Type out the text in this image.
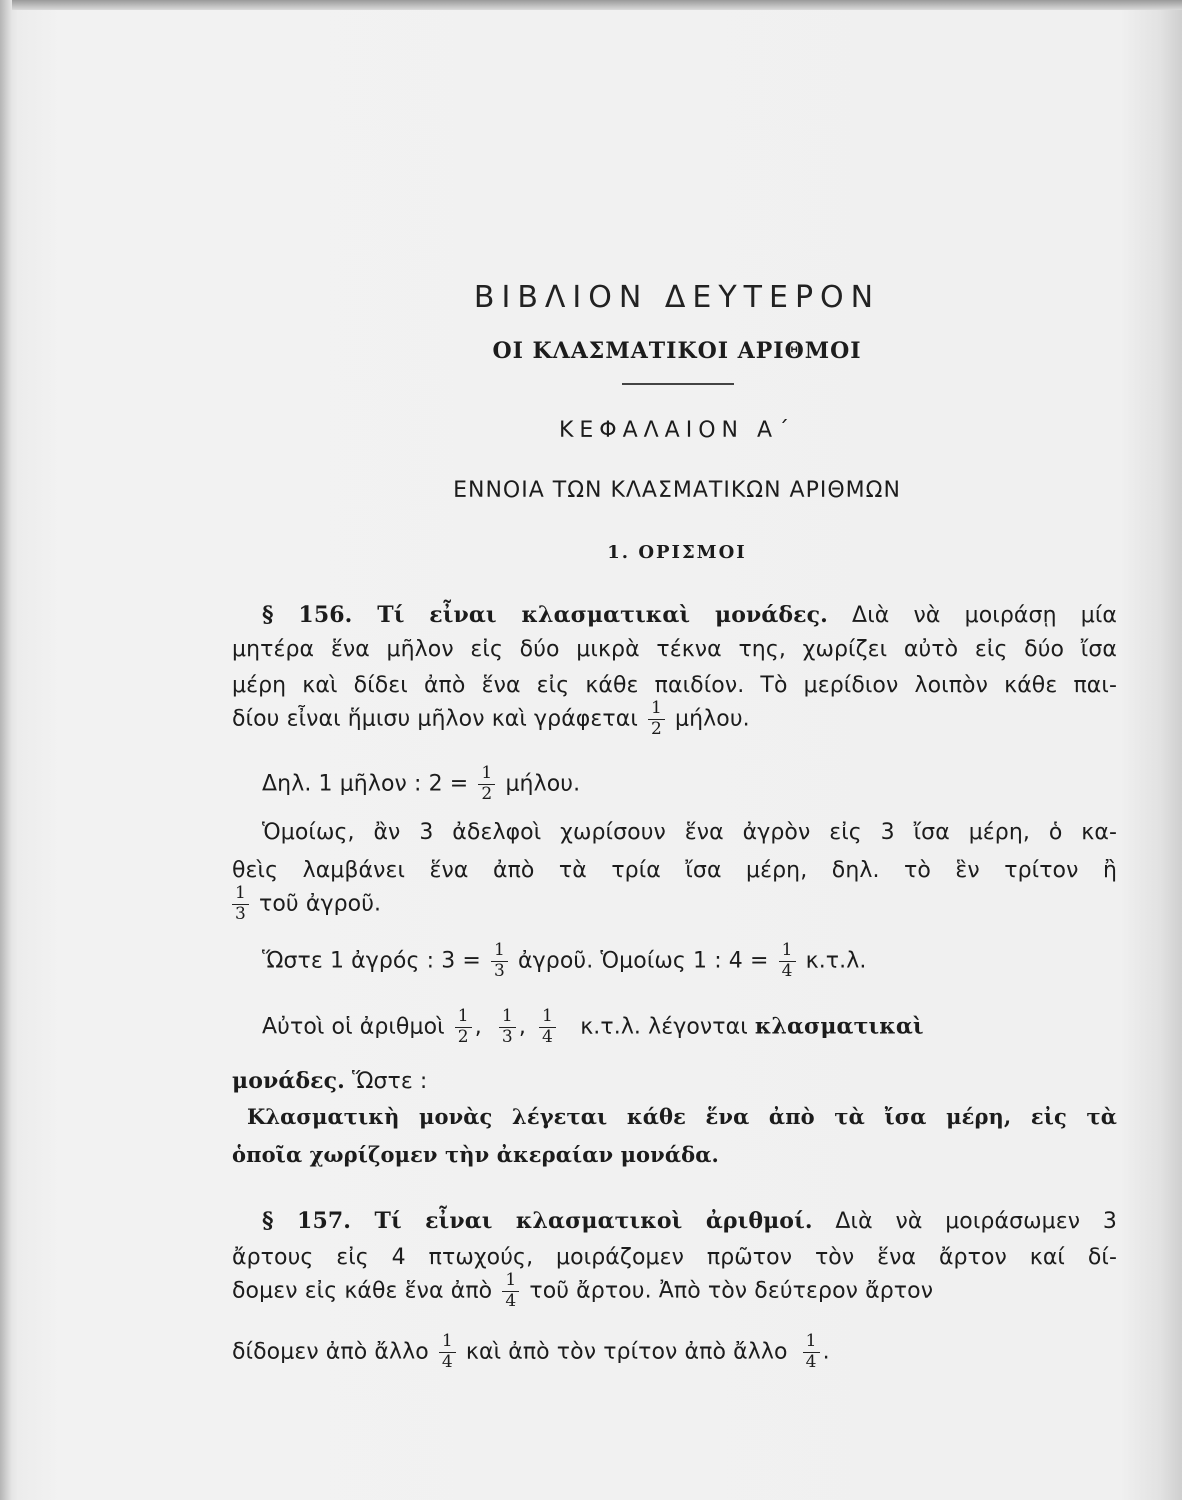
ΒΙΒΛΙΟΝ ΔΕΥΤΕΡΟΝ
ΟΙ ΚΛΑΣΜΑΤΙΚΟΙ ΑΡΙΘΜΟΙ
ΚΕΦΑΛΑΙΟΝ Α΄
ΕΝΝΟΙΑ ΤΩΝ ΚΛΑΣΜΑΤΙΚΩΝ ΑΡΙΘΜΩΝ
1. ΟΡΙΣΜΟΙ
§ 156. Τί εἶναι κλασματικαὶ μονάδες. Διὰ νὰ μοιράσῃ μία
μητέρα ἕνα μῆλον εἰς δύο μικρὰ τέκνα της, χωρίζει αὐτὸ εἰς δύο ἴσα
μέρη καὶ δίδει ἀπὸ ἕνα εἰς κάθε παιδίον. Τὸ μερίδιον λοιπὸν κάθε παι-
δίου εἶναι ἥμισυ μῆλον καὶ γράφεται $\frac{1}{2} \mu ή\lambda o\upsilon$.
Δηλ. 1 μῆλον : $2 = \frac{1}{2} \mu ή\lambda o\upsilon$.
Ὁμοίως, ἂν 3 ἀδελφοὶ χωρίσουν ἕνα ἀγρὸν εἰς 3 ἴσα μέρη, ὁ κα-
θεὶς λαμβάνει ἕνα ἀπὸ τὰ τρία ἴσα μέρη, δηλ. τὸ ἓν τρίτον ἢ
$\frac{1}{3}$ τοῦ ἀγροῦ.
Ὥστε 1 ἀγρός : $3 = \frac{1}{3}$ ἀγροῦ. Ὁμοίως 1 : $4 = \frac{1}{4} \kappa.\tau.\lambda$.
Αὐτοὶ οἱ ἀριθμοὶ $\frac{1}{2}$ , $\frac{1}{3}$ , $\frac{1}{4} \kappa.\tau.\lambda$. λέγονται κλασματικαὶ
μονάδες. Ὥστε :
Κλασματικὴ μονὰς λέγεται κάθε ἕνα ἀπὸ τὰ ἴσα μέρη, εἰς τὰ
ὁποῖα χωρίζομεν τὴν ἀκεραίαν μονάδα.
§ 157. Τί εἶναι κλασματικοὶ ἀριθμοί. Διὰ νὰ μοιράσωμεν 3
ἄρτους εἰς 4 πτωχούς, μοιράζομεν πρῶτον τὸν ἕνα ἄρτον καί δί-
δομεν εἰς κάθε ἕνα ἀπὸ $\frac{1}{4}$ τοῦ ἄρτου. Ἀπὸ τὸν δεύτερον ἄρτον
δίδομεν ἀπὸ ἄλλο $\frac{1}{4}$ καὶ ἀπὸ τὸν τρίτον ἀπὸ ἄλλο $\frac{1}{4}$ .
